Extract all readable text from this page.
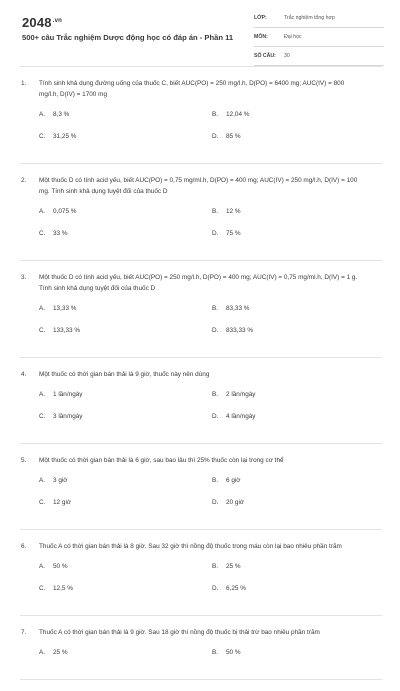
$2048^{.vn}$
500+ câu Trắc nghiệm Dược động học có đáp án - Phần 11
LỚP:	Trắc nghiệm tổng hợp
MÔN:	Đại học
SỐ CÂU: 30
1. Tính sinh khả dụng đường uống của thuốc C, biết AUC(PO) = 250 mg/l.h, D(PO) = 6400 mg; AUC(IV) = 800 mg/l.h, D(IV) = 1700 mg
A. 8,3 %	B. 12,04 %
C. 31,25 %	D. 85 %
2. Một thuốc D có tính acid yếu, biết AUC(PO) = 0,75 mg/ml.h, D(PO) = 400 mg; AUC(IV) = 250 mg/l.h, D(IV) = 100 mg. Tính sinh khả dụng tuyệt đối của thuốc D
A. 0,075 %	B. 12 %
C. 33 %	D. 75 %
3. Một thuốc D có tính acid yếu, biết AUC(PO) = 250 mg/l.h, D(PO) = 400 mg; AUC(IV) = 0,75 mg/ml.h, D(IV) = 1 g. Tính sinh khả dụng tuyệt đối của thuốc D
A. 13,33 %	B. 83,33 %
C. 133,33 %	D. 833,33 %
4. Một thuốc có thời gian bán thải là 9 giờ, thuốc này nên dùng
A. 1 lần/ngày	B. 2 lần/ngày
C. 3 lần/ngày	D. 4 lần/ngày
5. Một thuốc có thời gian bán thải là 6 giờ, sau bao lâu thì 25% thuốc còn lại trong cơ thể
A. 3 giờ	B. 6 giờ
C. 12 giờ	D. 20 giờ
6. Thuốc A có thời gian bán thải là 8 giờ. Sau 32 giờ thì nồng độ thuốc trong máu còn lại bao nhiêu phần trăm
A. 50 %	B. 25 %
C. 12,5 %	D. 6,25 %
7. Thuốc A có thời gian bán thải là 9 giờ. Sau 18 giờ thì nồng độ thuốc bị thải trừ bao nhiêu phần trăm
A. 25 %	B. 50 %
